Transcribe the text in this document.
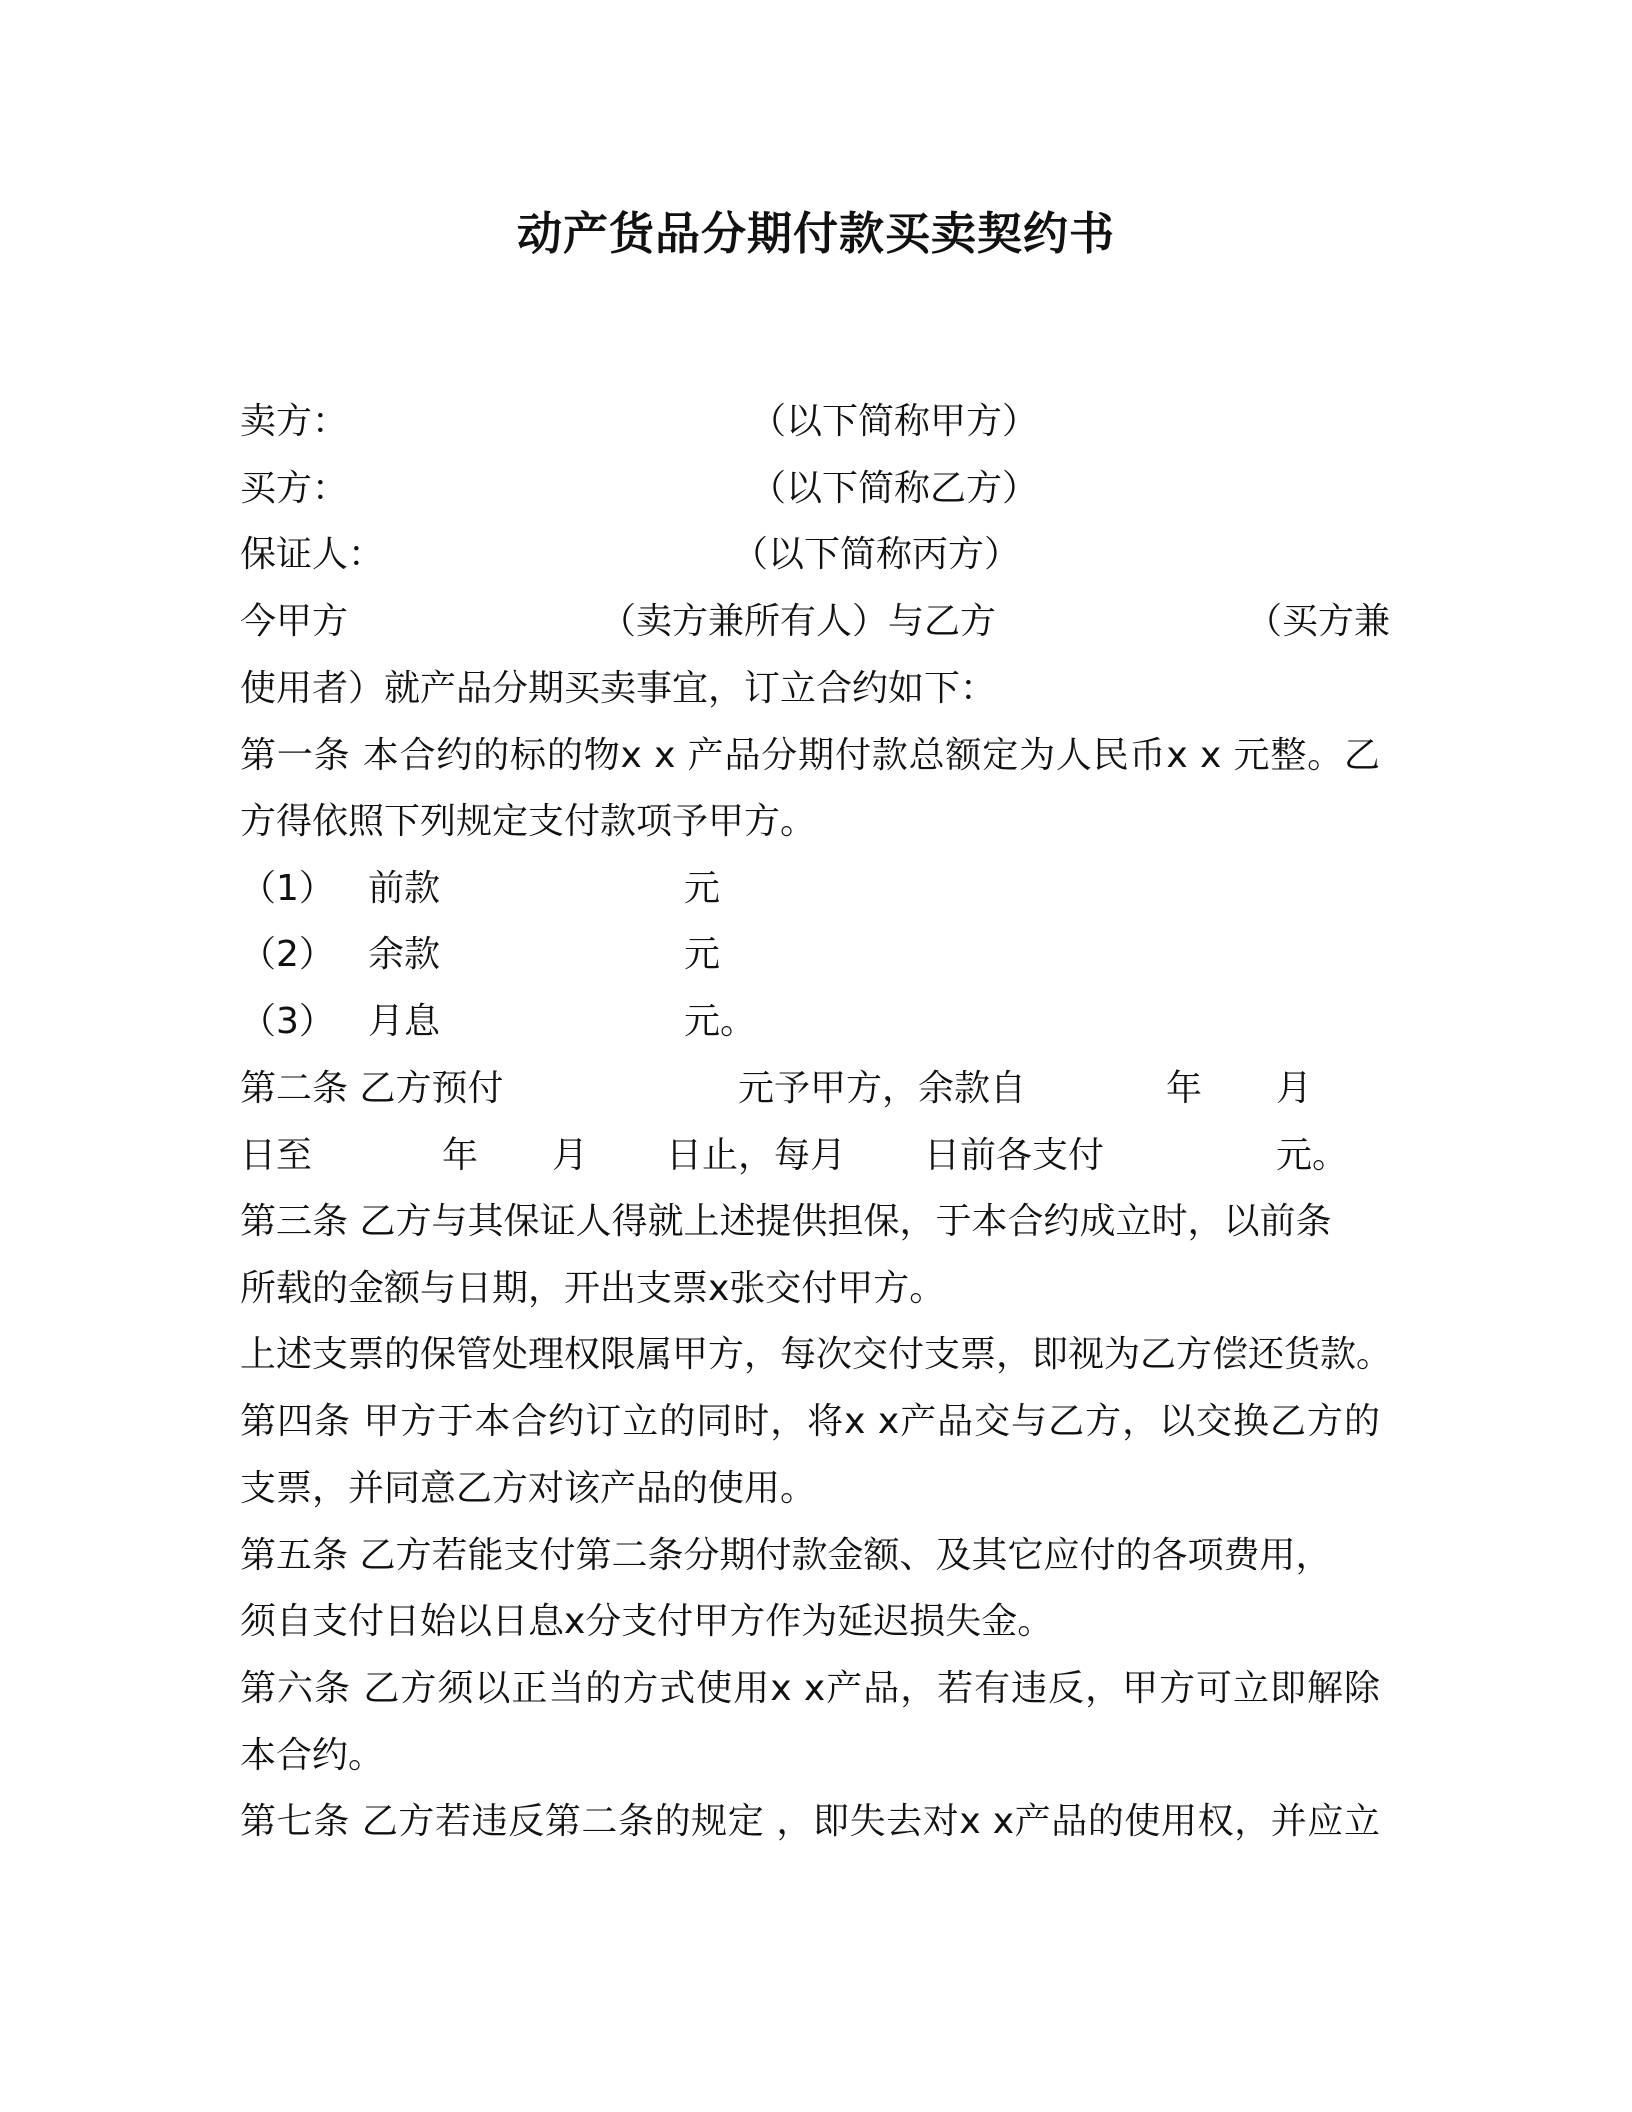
动产货品分期付款买卖契约书
卖方：	（以下简称甲方）
买方：	（以下简称乙方）
保证人：	（以下简称丙方）
今甲方	（卖方兼所有人）与乙方	（买方兼
使用者）就产品分期买卖事宜，订立合约如下：
第一条 本合约的标的物x x 产品分期付款总额定为人民币x x 元整。乙
方得依照下列规定支付款项予甲方。
（1） 前款	元
（2） 余款	元
（3） 月息	元。
第二条 乙方预付	元予甲方，余款自	年 月
日至	年 月 日止，每月 日前各支付	元。
第三条 乙方与其保证人得就上述提供担保，于本合约成立时，以前条
所载的金额与日期，开出支票x张交付甲方。
上述支票的保管处理权限属甲方，每次交付支票，即视为乙方偿还货款。
第四条 甲方于本合约订立的同时，将x x产品交与乙方，以交换乙方的
支票，并同意乙方对该产品的使用。
第五条 乙方若能支付第二条分期付款金额、及其它应付的各项费用，
须自支付日始以日息x分支付甲方作为延迟损失金。
第六条 乙方须以正当的方式使用x x产品，若有违反，甲方可立即解除
本合约。
第七条 乙方若违反第二条的规定 ，即失去对x x产品的使用权，并应立
